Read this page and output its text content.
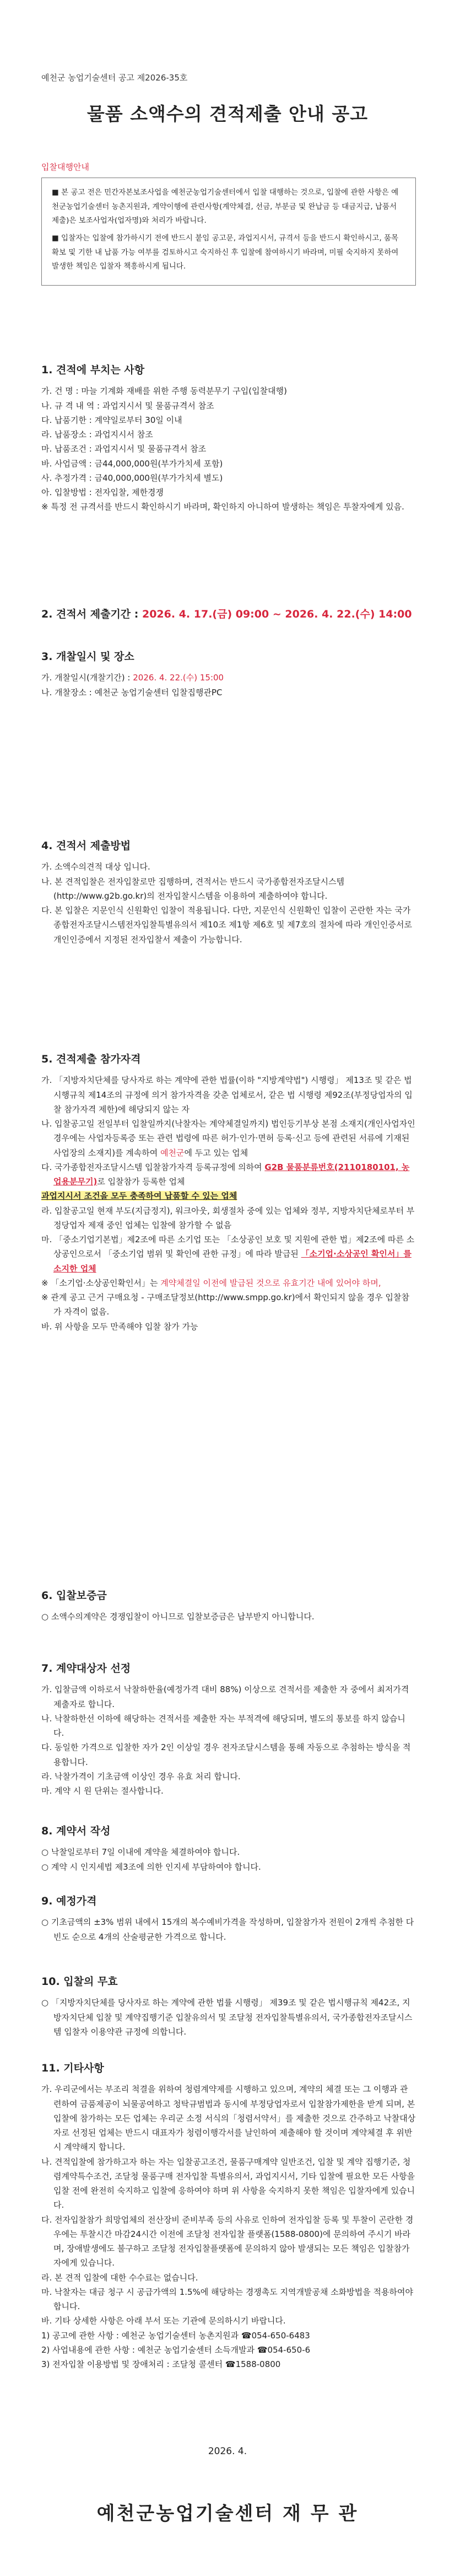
예천군 농업기술센터 공고 제2026-35호
물품 소액수의 견적제출 안내 공고
입찰대행안내

■ 본 공고 전은 민간자본보조사업을 예천군농업기술센터에서 입찰 대행하는 것으로, 입찰에 관한 사항은 예천군농업기술센터 농촌지원과, 계약이행에 관련사항(계약체결, 선금, 부분금 및 완납금 등 대금지급, 납품서 제출)은 보조사업자(업자명)와 처리가 바랍니다.

■ 입찰자는 입찰에 참가하시기 전에 반드시 붙임 공고문, 과업지시서, 규격서 등을 반드시 확인하시고, 품목 확보 및 기한 내 납품 가능 여부를 검토하시고 숙지하신 후 입찰에 참여하시기 바라며, 미필 숙지하지 못하여 발생한 책임은 입찰자 책흥하시게 됩니다.

1. 견적에 부치는 사항

가. 건 명 : 마늘 기계화 재배를 위한 주행 동력분무기 구입(입찰대행)

나. 규 격 내 역 : 과업지시서 및 물품규격서 참조

다. 납품기한 : 계약일로부터 30일 이내

라. 납품장소 : 과업지시서 참조

마. 납품조건 : 과업지시서 및 물품규격서 참조

바. 사업금액 : 금44,000,000원(부가가치세 포함)

사. 추정가격 : 금40,000,000원(부가가치세 별도)

아. 입찰방법 : 전자입찰, 제한경쟁

※ 특정 전 규격서를 반드시 확인하시기 바라며, 확인하지 아니하여 발생하는 책임은 투찰자에게 있음.

2. 견적서 제출기간 : 2026. 4. 17.(금) 09:00 ~ 2026. 4. 22.(수) 14:00
3. 개찰일시 및 장소

가. 개찰일시(개찰기간) : 2026. 4. 22.(수) 15:00

나. 개찰장소 : 예천군 농업기술센터 입찰집행관PC

4. 견적서 제출방법

가. 소액수의견적 대상 입니다.

나. 본 견적입찰은 전자입찰로만 집행하며, 견적서는 반드시 국가종합전자조달시스템(http://www.g2b.go.kr)의 전자입찰시스템을 이용하여 제출하여야 합니다.

다. 본 입찰은 지문인식 신원확인 입찰이 적용됩니다. 다만, 지문인식 신원확인 입찰이 곤란한 자는 국가종합전자조달시스템전자입찰특별유의서 제10조 제1항 제6호 및 제7호의 절차에 따라 개인인증서로 개인인증에서 지정된 전자입찰서 제출이 가능합니다.

5. 견적제출 참가자격

가. 「지방자치단체를 당사자로 하는 계약에 관한 법률(이하 "지방계약법") 시행령」 제13조 및 같은 법 시행규칙 제14조의 규정에 의거 참가자격을 갖춘 업체로서, 같은 법 시행령 제92조(부정당업자의 입찰 참가자격 제한)에 해당되지 않는 자

나. 입찰공고일 전일부터 입찰일까지(낙찰자는 계약체결일까지) 법인등기부상 본점 소재지(개인사업자인 경우에는 사업자등록증 또는 관련 법령에 따른 허가·인가·면허 등록·신고 등에 관련된 서류에 기재된 사업장의 소재지)를 계속하여 예천군에 두고 있는 업체

다. 국가종합전자조달시스템 입찰참가자격 등록규정에 의하여 G2B 물품분류번호(2110180101, 농업용분무기)로 입찰참가 등록한 업체

과업지시서 조건을 모두 충족하여 납품할 수 있는 업체

라. 입찰공고일 현재 부도(지급정지), 워크아웃, 회생절차 중에 있는 업체와 정부, 지방자치단체로부터 부정당업자 제재 중인 업체는 입찰에 참가할 수 없음

마. 「중소기업기본법」제2조에 따른 소기업 또는 「소상공인 보호 및 지원에 관한 법」제2조에 따른 소상공인으로서 「중소기업 범위 및 확인에 관한 규정」에 따라 발급된 「소기업·소상공인 확인서」를 소지한 업체

※ 「소기업·소상공인확인서」는 계약체결일 이전에 발급된 것으로 유효기간 내에 있어야 하며,

※ 관계 공고 근거 구매요청 - 구매조달정보(http://www.smpp.go.kr)에서 확인되지 않을 경우 입찰참가 자격이 없음.

바. 위 사항을 모두 만족해야 입찰 참가 가능

6. 입찰보증금

○ 소액수의계약은 경쟁입찰이 아니므로 입찰보증금은 납부받지 아니합니다.

7. 계약대상자 선정

가. 입찰금액 이하로서 낙찰하한율(예정가격 대비 88%) 이상으로 견적서를 제출한 자 중에서 최저가격 제출자로 합니다.

나. 낙찰하한선 이하에 해당하는 견적서를 제출한 자는 부적격에 해당되며, 별도의 통보를 하지 않습니다.

다. 동일한 가격으로 입찰한 자가 2인 이상일 경우 전자조달시스템을 통해 자동으로 추첨하는 방식을 적용합니다.

라. 낙찰가격이 기초금액 이상인 경우 유효 처리 합니다.

마. 계약 시 원 단위는 절사합니다.

8. 계약서 작성

○ 낙찰일로부터 7일 이내에 계약을 체결하여야 합니다.

○ 계약 시 인지세법 제3조에 의한 인지세 부담하여야 합니다.

9. 예정가격

○ 기초금액의 ±3% 범위 내에서 15개의 복수예비가격을 작성하며, 입찰참가자 전원이 2개씩 추첨한 다빈도 순으로 4개의 산술평균한 가격으로 합니다.

10. 입찰의 무효

○ 「지방자치단체를 당사자로 하는 계약에 관한 법률 시행령」 제39조 및 같은 법시행규칙 제42조, 지방자치단체 입찰 및 계약집행기준 입찰유의서 및 조달청 전자입찰특별유의서, 국가종합전자조달시스템 입찰자 이용약관 규정에 의합니다.

11. 기타사항

가. 우리군에서는 부조리 척결을 위하여 청렴계약제를 시행하고 있으며, 계약의 체결 또는 그 이행과 관련하여 금품제공이 뇌물공여하고 청탁규범법과 동시에 부정당업자로서 입찰참가제한을 받게 되며, 본 입찰에 참가하는 모든 업체는 우리군 소정 서식의「청렴서약서」를 제출한 것으로 간주하고 낙찰대상자로 선정된 업체는 반드시 대표자가 청렴이행각서를 날인하여 제출해야 할 것이며 계약체결 후 위반 시 계약해지 합니다.

나. 견적입찰에 참가하고자 하는 자는 입찰공고조건, 물품구매계약 일반조건, 입찰 및 계약 집행기준, 청렴계약특수조건, 조달청 물품구매 전자입찰 특별유의서, 과업지시서, 기타 입찰에 필요한 모든 사항을 입찰 전에 완전히 숙지하고 입찰에 응하여야 하며 위 사항을 숙지하지 못한 책임은 입찰자에게 있습니다.

다. 전자입찰참가 희망업체의 전산장비 준비부족 등의 사유로 인하여 전자입찰 등록 및 투찰이 곤란한 경우에는 투찰시간 마감24시간 이전에 조달청 전자입찰 플랫폼(1588-0800)에 문의하여 주시기 바라며, 장애발생에도 불구하고 조달청 전자입찰플랫폼에 문의하지 않아 발생되는 모든 책임은 입찰참가자에게 있습니다.

라. 본 견적 입찰에 대한 수수료는 없습니다.

마. 낙찰자는 대금 청구 시 공급가액의 1.5%에 해당하는 경쟁촉도 지역개발공채 소화방법을 적용하여야 합니다.

바. 기타 상세한 사항은 아래 부서 또는 기관에 문의하시기 바랍니다.

1) 공고에 관한 사항 : 예천군 농업기술센터 농촌지원과 ☎054-650-6483

2) 사업내용에 관한 사항 : 예천군 농업기술센터 소득개발과 ☎054-650-6

3) 전자입찰 이용방법 및 장애처리 : 조달청 콜센터 ☎1588-0800

2026. 4.
예천군농업기술센터 재 무 관
